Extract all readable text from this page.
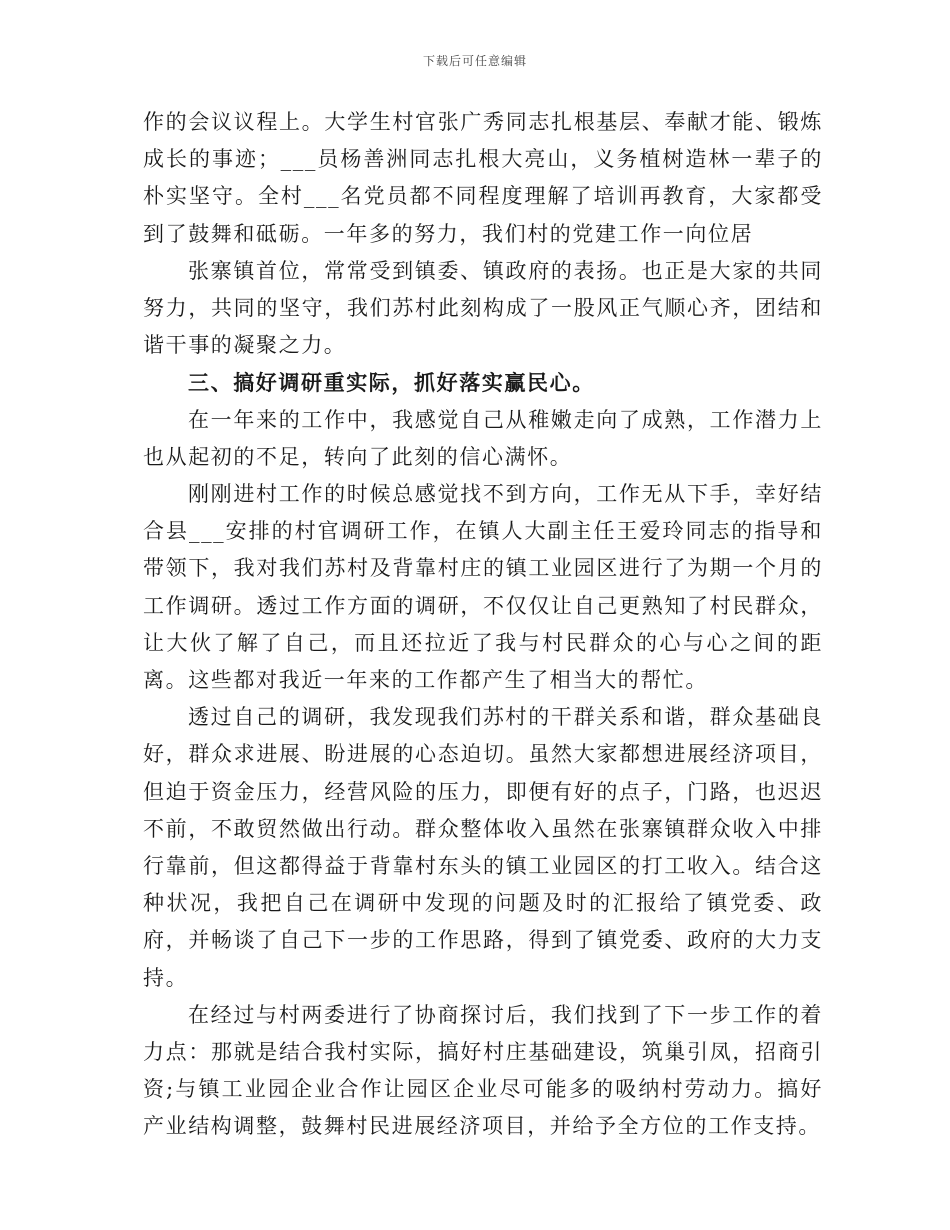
下载后可任意编辑

作的会议议程上。大学生村官张广秀同志扎根基层、奉献才能、锻炼成长的事迹；___员杨善洲同志扎根大亮山，义务植树造林一辈子的朴实坚守。全村___名党员都不同程度理解了培训再教育，大家都受到了鼓舞和砥砺。一年多的努力，我们村的党建工作一向位居

张寨镇首位，常常受到镇委、镇政府的表扬。也正是大家的共同努力，共同的坚守，我们苏村此刻构成了一股风正气顺心齐，团结和谐干事的凝聚之力。

三、搞好调研重实际，抓好落实赢民心。

在一年来的工作中，我感觉自己从稚嫩走向了成熟，工作潜力上也从起初的不足，转向了此刻的信心满怀。

刚刚进村工作的时候总感觉找不到方向，工作无从下手，幸好结合县___安排的村官调研工作，在镇人大副主任王爱玲同志的指导和带领下，我对我们苏村及背靠村庄的镇工业园区进行了为期一个月的工作调研。透过工作方面的调研，不仅仅让自己更熟知了村民群众，让大伙了解了自己，而且还拉近了我与村民群众的心与心之间的距离。这些都对我近一年来的工作都产生了相当大的帮忙。

透过自己的调研，我发现我们苏村的干群关系和谐，群众基础良好，群众求进展、盼进展的心态迫切。虽然大家都想进展经济项目，但迫于资金压力，经营风险的压力，即便有好的点子，门路，也迟迟不前，不敢贸然做出行动。群众整体收入虽然在张寨镇群众收入中排行靠前，但这都得益于背靠村东头的镇工业园区的打工收入。结合这种状况，我把自己在调研中发现的问题及时的汇报给了镇党委、政府，并畅谈了自己下一步的工作思路，得到了镇党委、政府的大力支持。

在经过与村两委进行了协商探讨后，我们找到了下一步工作的着力点：那就是结合我村实际，搞好村庄基础建设，筑巢引凤，招商引资;与镇工业园企业合作让园区企业尽可能多的吸纳村劳动力。搞好产业结构调整，鼓舞村民进展经济项目，并给予全方位的工作支持。
